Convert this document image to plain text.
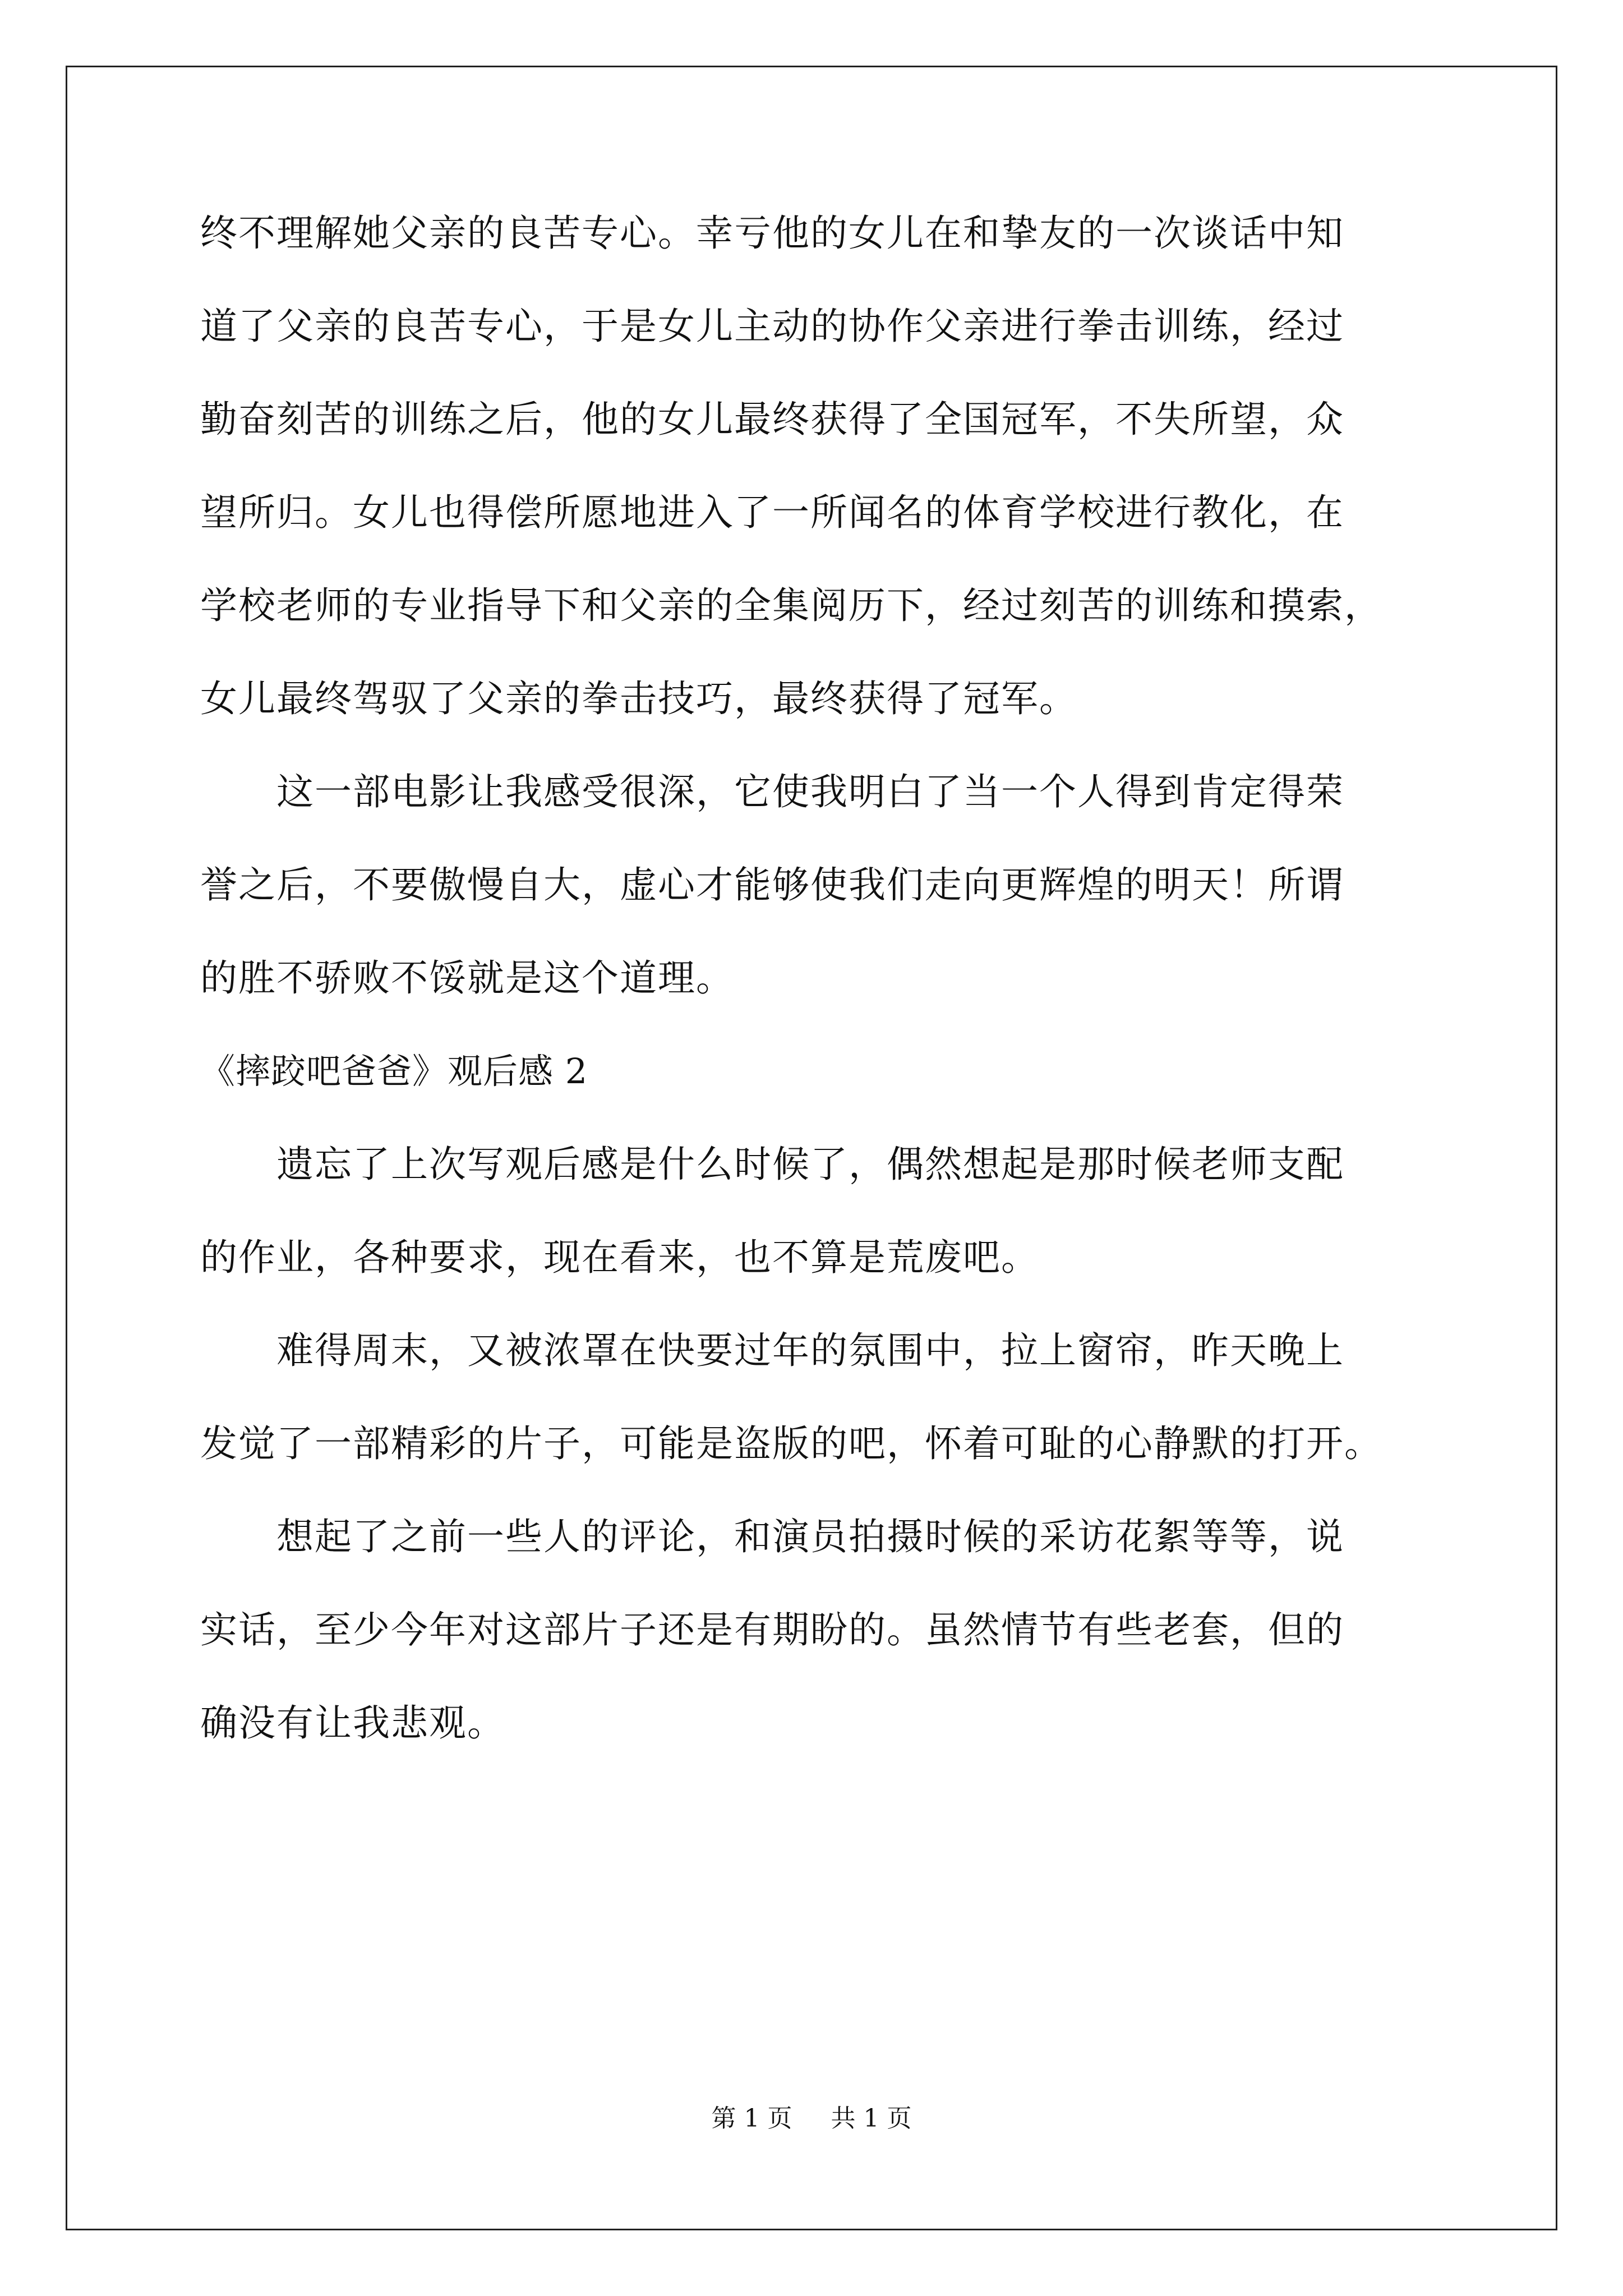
终不理解她父亲的良苦专心。幸亏他的女儿在和挚友的一次谈话中知
道了父亲的良苦专心，于是女儿主动的协作父亲进行拳击训练，经过
勤奋刻苦的训练之后，他的女儿最终获得了全国冠军，不失所望，众
望所归。女儿也得偿所愿地进入了一所闻名的体育学校进行教化，在
学校老师的专业指导下和父亲的全集阅历下，经过刻苦的训练和摸索，
女儿最终驾驭了父亲的拳击技巧，最终获得了冠军。
　　这一部电影让我感受很深，它使我明白了当一个人得到肯定得荣
誉之后，不要傲慢自大，虚心才能够使我们走向更辉煌的明天！所谓
的胜不骄败不馁就是这个道理。
《摔跤吧爸爸》观后感 2
　　遗忘了上次写观后感是什么时候了，偶然想起是那时候老师支配
的作业，各种要求，现在看来，也不算是荒废吧。
　　难得周末，又被浓罩在快要过年的氛围中，拉上窗帘，昨天晚上
发觉了一部精彩的片子，可能是盗版的吧，怀着可耻的心静默的打开。
　　想起了之前一些人的评论，和演员拍摄时候的采访花絮等等，说
实话，至少今年对这部片子还是有期盼的。虽然情节有些老套，但的
确没有让我悲观。
第 1 页 共 1 页
